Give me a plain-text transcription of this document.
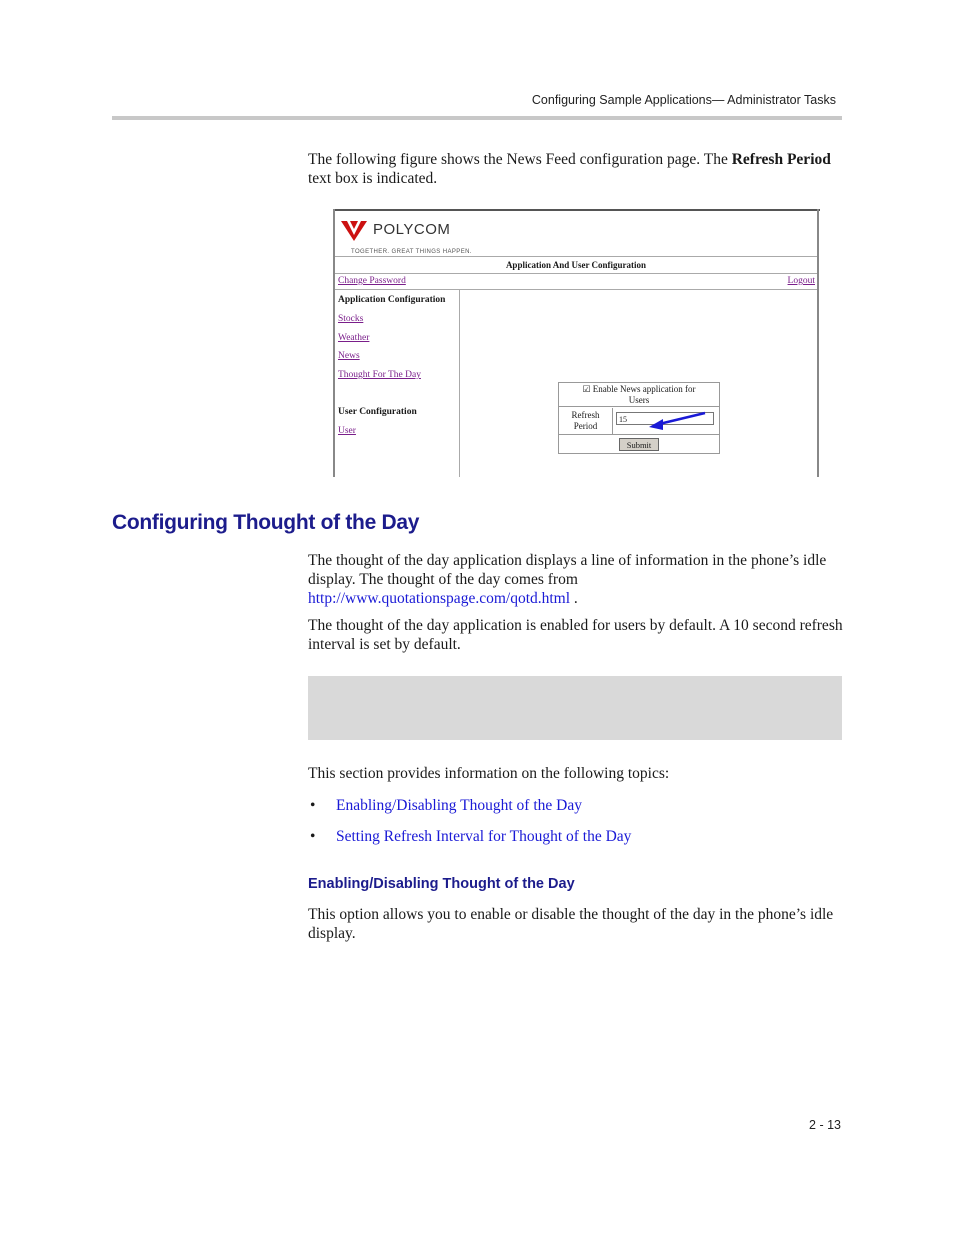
Configuring Sample Applications— Administrator Tasks
The following figure shows the News Feed configuration page. The Refresh Period text box is indicated.
POLYCOM
TOGETHER. GREAT THINGS HAPPEN.
Application And User Configuration
Change Password	Logout
Application Configuration
Stocks
Weather
News
Thought For The Day
User Configuration
User
☑ Enable News application for
Users
Refresh
Period
15
Submit
Configuring Thought of the Day
The thought of the day application displays a line of information in the phone’s idle display. The thought of the day comes from
http://www.quotationspage.com/qotd.html .
The thought of the day application is enabled for users by default. A 10 second refresh interval is set by default.
This section provides information on the following topics:
• Enabling/Disabling Thought of the Day
• Setting Refresh Interval for Thought of the Day
Enabling/Disabling Thought of the Day
This option allows you to enable or disable the thought of the day in the phone’s idle display.
2 - 13
